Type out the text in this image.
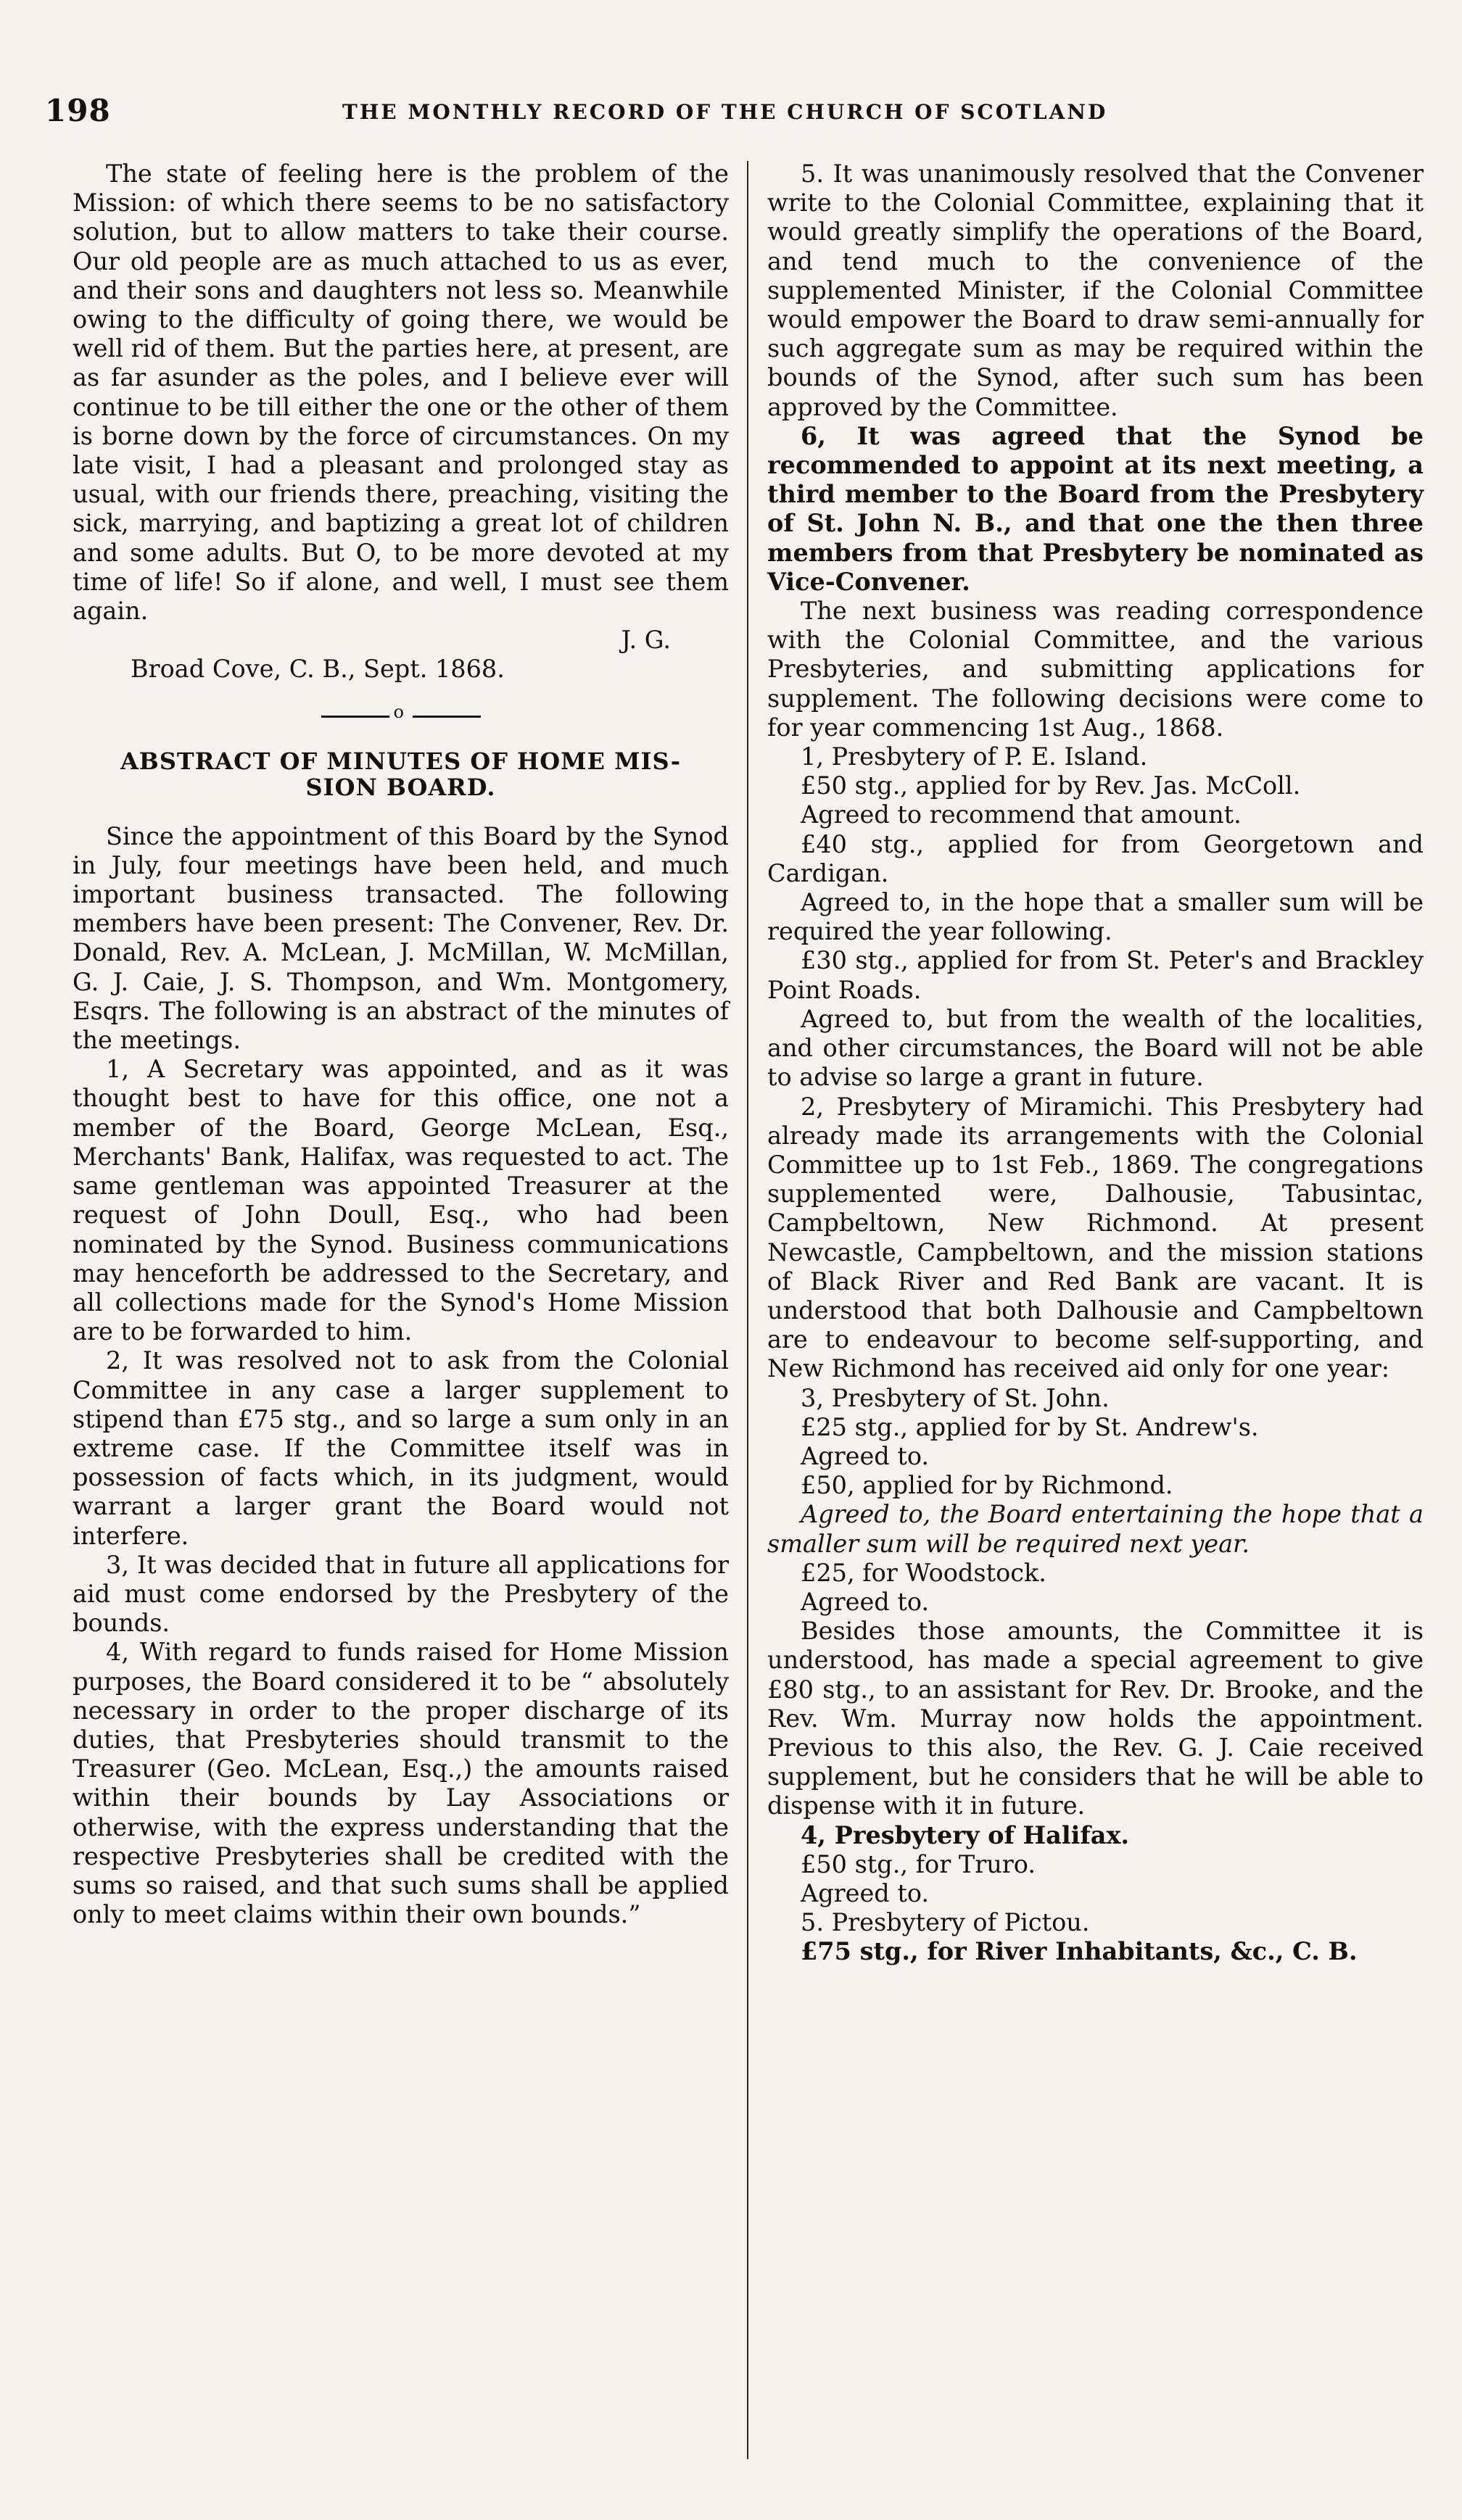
198	THE MONTHLY RECORD OF THE CHURCH OF SCOTLAND

The state of feeling here is the problem of the Mission: of which there seems to be no satisfactory solution, but to allow matters to take their course. Our old people are as much attached to us as ever, and their sons and daughters not less so. Meanwhile owing to the difficulty of going there, we would be well rid of them. But the parties here, at present, are as far asunder as the poles, and I believe ever will continue to be till either the one or the other of them is borne down by the force of circumstances. On my late visit, I had a pleasant and prolonged stay as usual, with our friends there, preaching, visiting the sick, marrying, and baptizing a great lot of children and some adults. But O, to be more devoted at my time of life! So if alone, and well, I must see them again.

J. G.

Broad Cove, C. B., Sept. 1868.

o
ABSTRACT OF MINUTES OF HOME MIS-
SION BOARD.

Since the appointment of this Board by the Synod in July, four meetings have been held, and much important business transacted. The following members have been present: The Convener, Rev. Dr. Donald, Rev. A. McLean, J. McMillan, W. McMillan, G. J. Caie, J. S. Thompson, and Wm. Montgomery, Esqrs. The following is an abstract of the minutes of the meetings.

1, A Secretary was appointed, and as it was thought best to have for this office, one not a member of the Board, George McLean, Esq., Merchants' Bank, Halifax, was requested to act. The same gentleman was appointed Treasurer at the request of John Doull, Esq., who had been nominated by the Synod. Business communications may henceforth be addressed to the Secretary, and all collections made for the Synod's Home Mission are to be forwarded to him.

2, It was resolved not to ask from the Colonial Committee in any case a larger supplement to stipend than £75 stg., and so large a sum only in an extreme case. If the Committee itself was in possession of facts which, in its judgment, would warrant a larger grant the Board would not interfere.

3, It was decided that in future all applications for aid must come endorsed by the Presbytery of the bounds.

4, With regard to funds raised for Home Mission purposes, the Board considered it to be “ absolutely necessary in order to the proper discharge of its duties, that Presbyteries should transmit to the Treasurer (Geo. McLean, Esq.,) the amounts raised within their bounds by Lay Associations or otherwise, with the express understanding that the respective Presbyteries shall be credited with the sums so raised, and that such sums shall be applied only to meet claims within their own bounds.”

5. It was unanimously resolved that the Convener write to the Colonial Committee, explaining that it would greatly simplify the operations of the Board, and tend much to the convenience of the supplemented Minister, if the Colonial Committee would empower the Board to draw semi-annually for such aggregate sum as may be required within the bounds of the Synod, after such sum has been approved by the Committee.

6, It was agreed that the Synod be recommended to appoint at its next meeting, a third member to the Board from the Presbytery of St. John N. B., and that one the then three members from that Presbytery be nominated as Vice-Convener.

The next business was reading correspondence with the Colonial Committee, and the various Presbyteries, and submitting applications for supplement. The following decisions were come to for year commencing 1st Aug., 1868.

1, Presbytery of P. E. Island.

£50 stg., applied for by Rev. Jas. McColl.

Agreed to recommend that amount.

£40 stg., applied for from Georgetown and Cardigan.

Agreed to, in the hope that a smaller sum will be required the year following.

£30 stg., applied for from St. Peter's and Brackley Point Roads.

Agreed to, but from the wealth of the localities, and other circumstances, the Board will not be able to advise so large a grant in future.

2, Presbytery of Miramichi. This Presbytery had already made its arrangements with the Colonial Committee up to 1st Feb., 1869. The congregations supplemented were, Dalhousie, Tabusintac, Campbeltown, New Richmond. At present Newcastle, Campbeltown, and the mission stations of Black River and Red Bank are vacant. It is understood that both Dalhousie and Campbeltown are to endeavour to become self-supporting, and New Richmond has received aid only for one year:

3, Presbytery of St. John.

£25 stg., applied for by St. Andrew's.

Agreed to.

£50, applied for by Richmond.

Agreed to, the Board entertaining the hope that a smaller sum will be required next year.

£25, for Woodstock.

Agreed to.

Besides those amounts, the Committee it is understood, has made a special agreement to give £80 stg., to an assistant for Rev. Dr. Brooke, and the Rev. Wm. Murray now holds the appointment. Previous to this also, the Rev. G. J. Caie received supplement, but he considers that he will be able to dispense with it in future.

4, Presbytery of Halifax.

£50 stg., for Truro.

Agreed to.

5. Presbytery of Pictou.

£75 stg., for River Inhabitants, &c., C. B.
